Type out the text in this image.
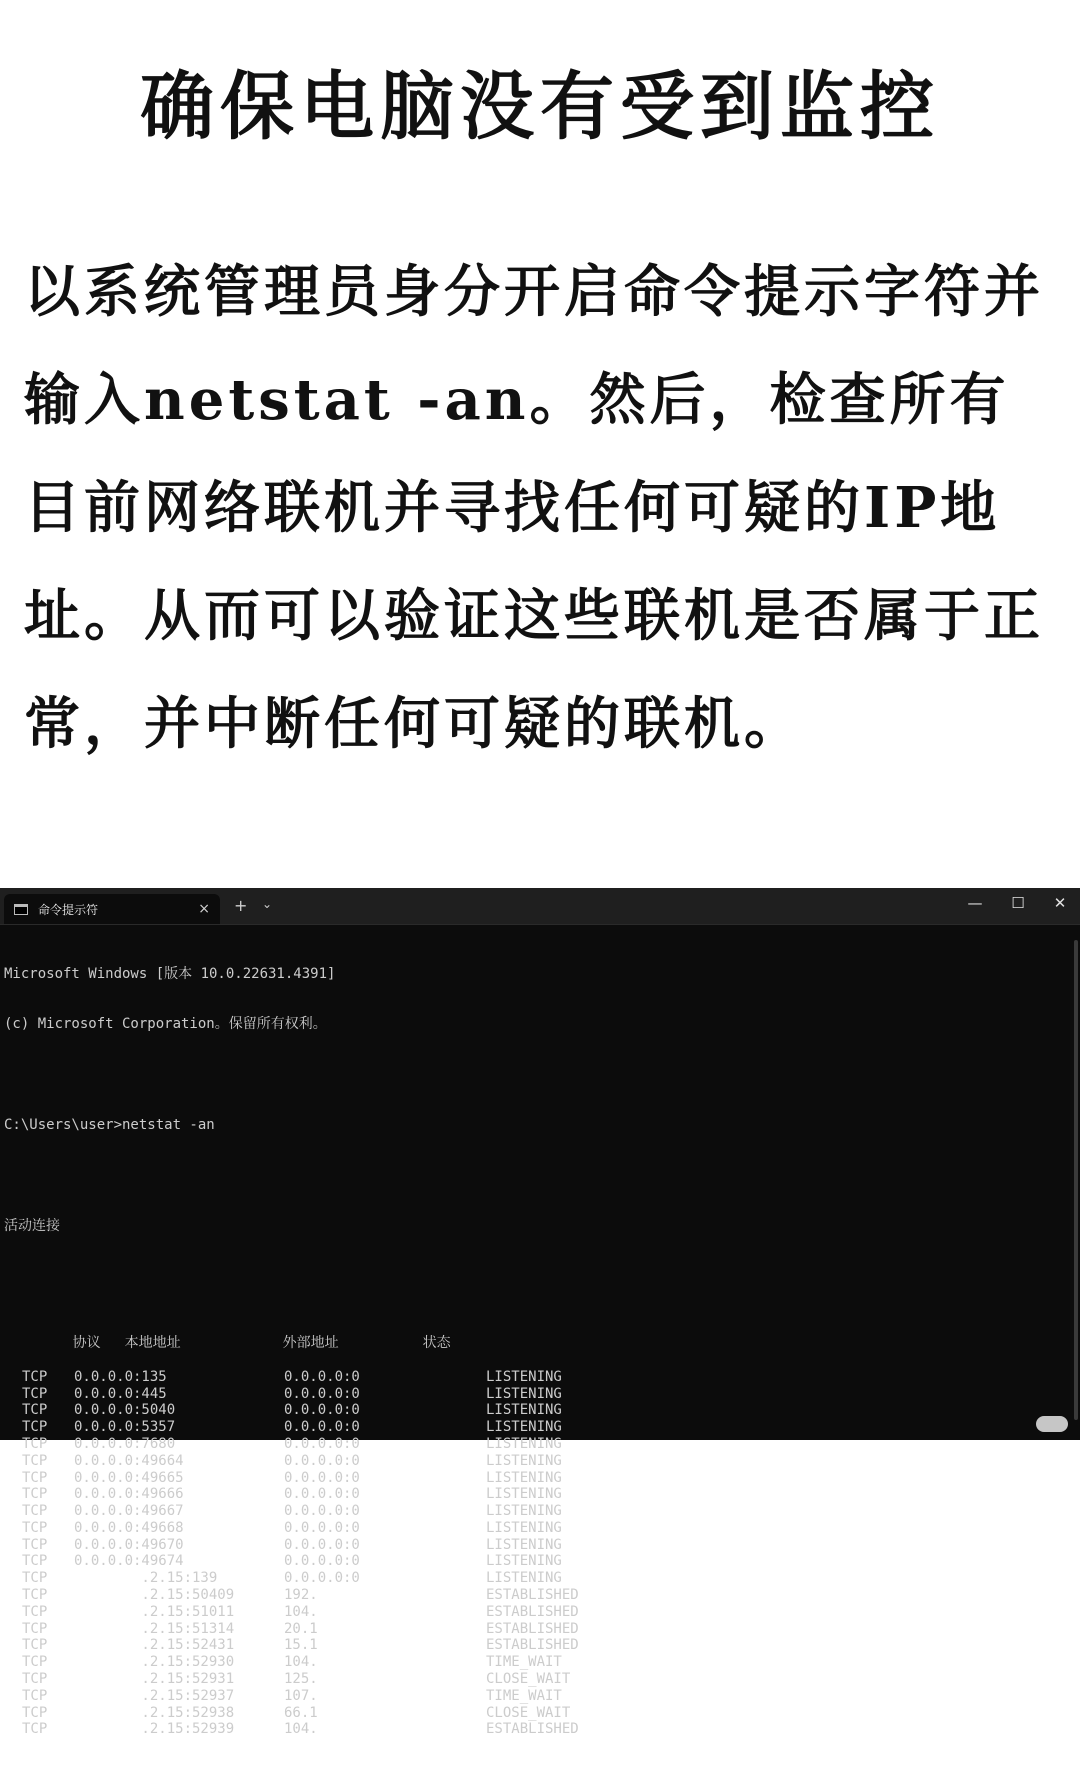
确保电脑没有受到监控

以系统管理员身分开启命令提示字符并输入netstat -an。然后，检查所有目前网络联机并寻找任何可疑的IP地址。从而可以验证这些联机是否属于正常，并中断任何可疑的联机。

命令提示符	× + ⌄	—	☐	✕

Microsoft Windows [版本 10.0.22631.4391]

(c) Microsoft Corporation。保留所有权利。

C:\Users\user>netstat -an

活动连接

协议 本地地址	外部地址	状态

TCP 0.0.0.0:135	0.0.0.0:0	LISTENING
TCP 0.0.0.0:445	0.0.0.0:0	LISTENING
TCP 0.0.0.0:5040	0.0.0.0:0	LISTENING
TCP 0.0.0.0:5357	0.0.0.0:0	LISTENING
TCP 0.0.0.0:7680	0.0.0.0:0	LISTENING
TCP 0.0.0.0:49664	0.0.0.0:0	LISTENING
TCP 0.0.0.0:49665	0.0.0.0:0	LISTENING
TCP 0.0.0.0:49666	0.0.0.0:0	LISTENING
TCP 0.0.0.0:49667	0.0.0.0:0	LISTENING
TCP 0.0.0.0:49668	0.0.0.0:0	LISTENING
TCP 0.0.0.0:49670	0.0.0.0:0	LISTENING
TCP 0.0.0.0:49674	0.0.0.0:0	LISTENING
TCP        .2.15:139	0.0.0.0:0	LISTENING
TCP        .2.15:50409	192.	ESTABLISHED
TCP        .2.15:51011	104.	ESTABLISHED
TCP        .2.15:51314	20.1	ESTABLISHED
TCP        .2.15:52431	15.1	ESTABLISHED
TCP        .2.15:52930	104.	TIME_WAIT
TCP        .2.15:52931	125.	CLOSE_WAIT
TCP        .2.15:52937	107.	TIME_WAIT
TCP        .2.15:52938	66.1	CLOSE_WAIT
TCP        .2.15:52939	104.	ESTABLISHED
